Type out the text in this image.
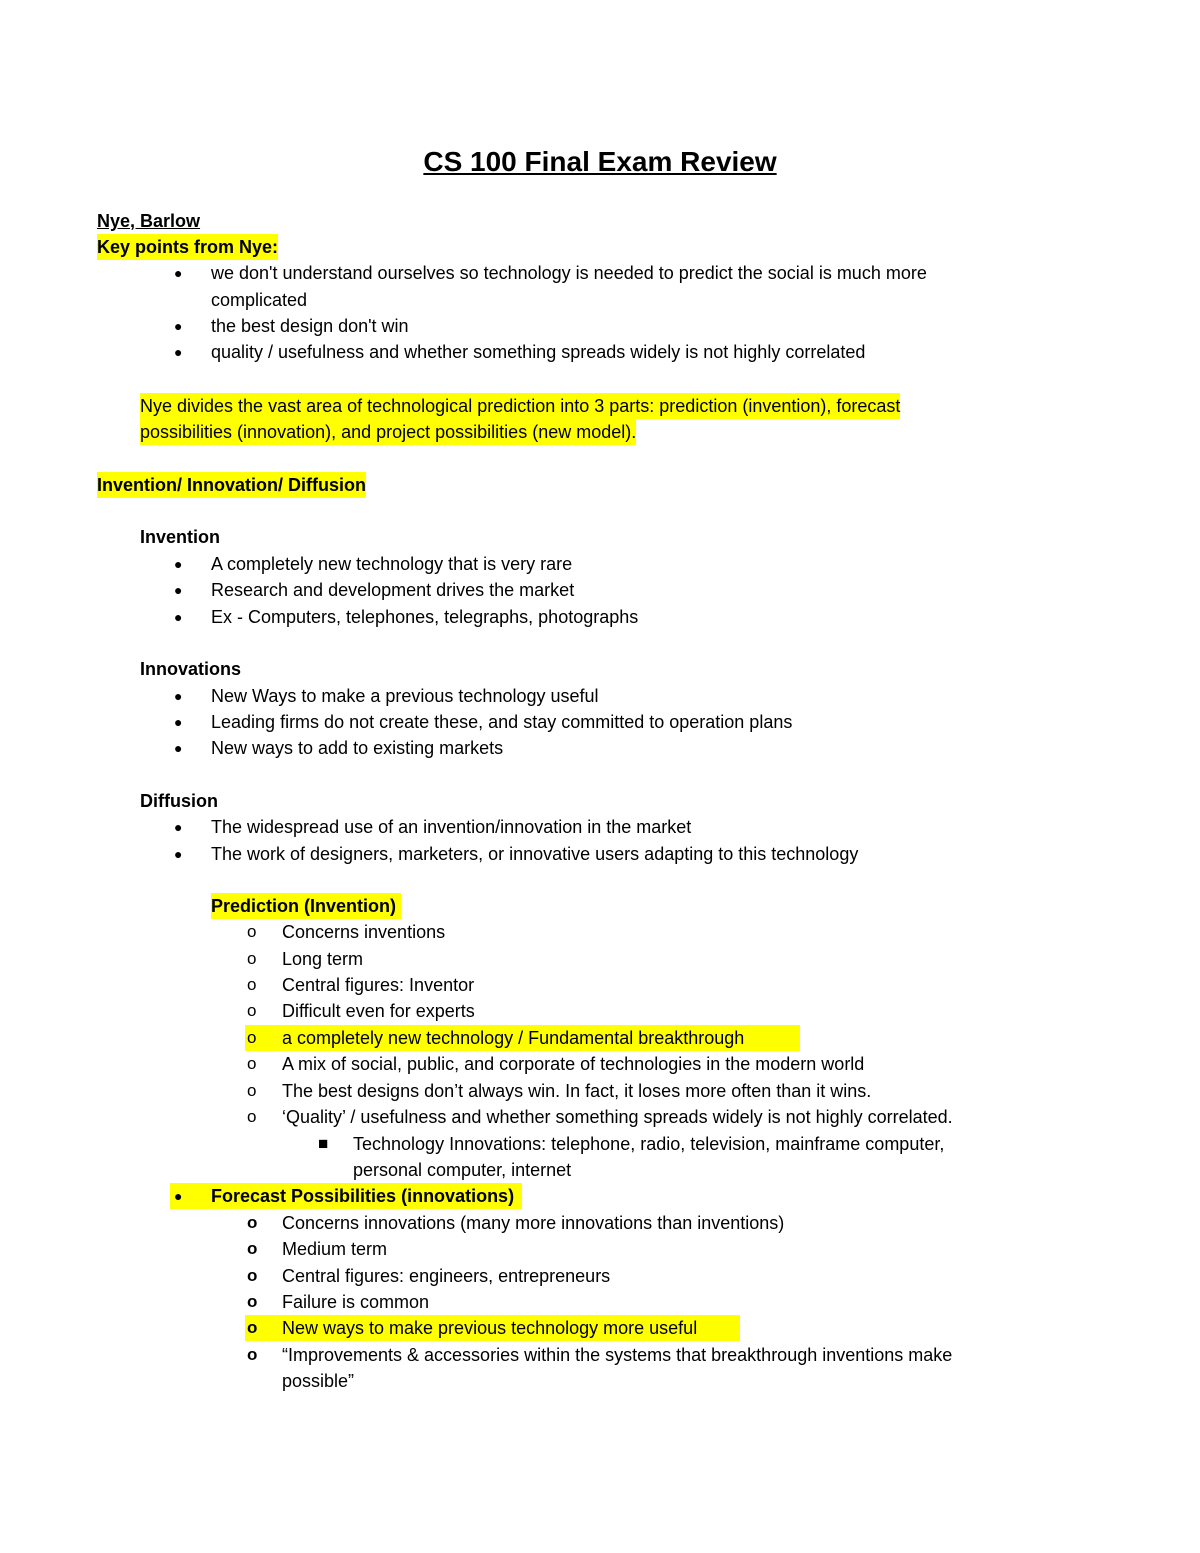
CS 100 Final Exam Review
Nye, Barlow
Key points from Nye:
● we don't understand ourselves so technology is needed to predict the social is much more
complicated
● the best design don't win
● quality / usefulness and whether something spreads widely is not highly correlated
Nye divides the vast area of technological prediction into 3 parts: prediction (invention), forecast
possibilities (innovation), and project possibilities (new model).
Invention/ Innovation/ Diffusion
Invention
● A completely new technology that is very rare
● Research and development drives the market
● Ex - Computers, telephones, telegraphs, photographs
Innovations
● New Ways to make a previous technology useful
● Leading firms do not create these, and stay committed to operation plans
● New ways to add to existing markets
Diffusion
● The widespread use of an invention/innovation in the market
● The work of designers, marketers, or innovative users adapting to this technology
Prediction (Invention)
o Concerns inventions
o Long term
o Central figures: Inventor
o Difficult even for experts
o a completely new technology / Fundamental breakthrough
o A mix of social, public, and corporate of technologies in the modern world
o The best designs don’t always win. In fact, it loses more often than it wins.
o ‘Quality’ / usefulness and whether something spreads widely is not highly correlated.
■ Technology Innovations: telephone, radio, television, mainframe computer,
personal computer, internet
● Forecast Possibilities (innovations)
o Concerns innovations (many more innovations than inventions)
o Medium term
o Central figures: engineers, entrepreneurs
o Failure is common
o New ways to make previous technology more useful
o “Improvements & accessories within the systems that breakthrough inventions make
possible”
